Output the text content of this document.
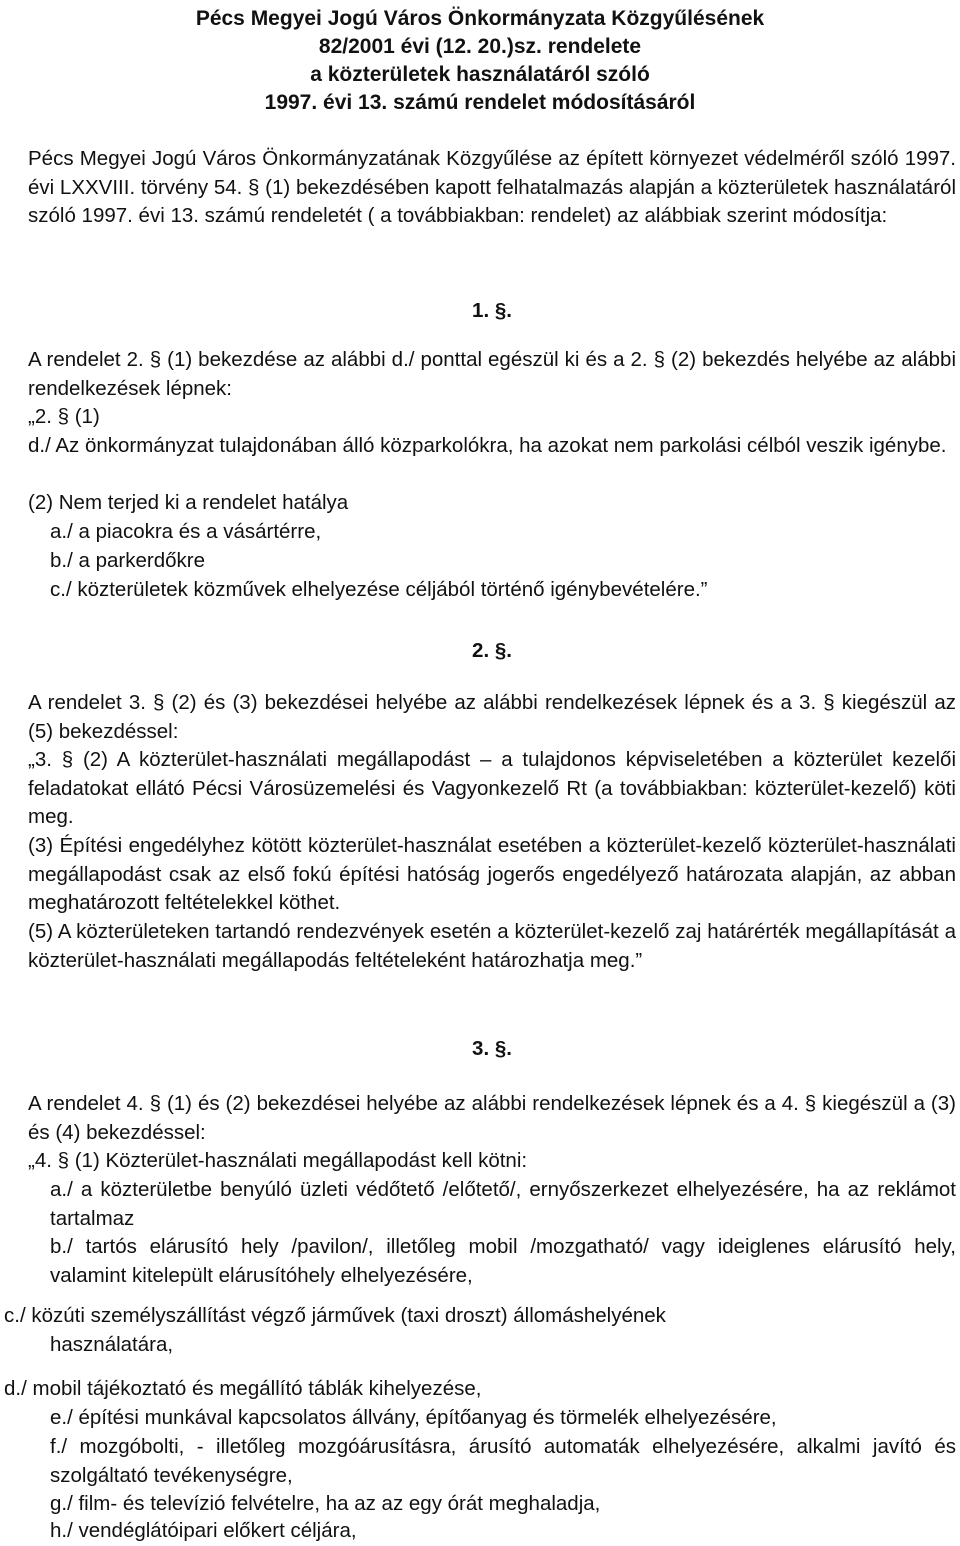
Pécs Megyei Jogú Város Önkormányzata Közgyűlésének
82/2001 évi (12. 20.)sz. rendelete
a közterületek használatáról szóló
1997. évi 13. számú rendelet módosításáról
Pécs Megyei Jogú Város Önkormányzatának Közgyűlése az épített környezet védelméről szóló 1997. évi LXXVIII. törvény 54. § (1) bekezdésében kapott felhatalmazás alapján a közterületek használatáról szóló 1997. évi 13. számú rendeletét ( a továbbiakban: rendelet) az alábbiak szerint módosítja:
1. §.
A rendelet 2. § (1) bekezdése az alábbi d./ ponttal egészül ki és a 2. § (2) bekezdés helyébe az alábbi rendelkezések lépnek:
„2. § (1)
d./ Az önkormányzat tulajdonában álló közparkolókra, ha azokat nem parkolási célból veszik igénybe.
(2) Nem terjed ki a rendelet hatálya
a./ a piacokra és a vásártérre,
b./ a parkerdőkre
c./ közterületek közművek elhelyezése céljából történő igénybevételére.”
2. §.
A rendelet 3. § (2) és (3) bekezdései helyébe az alábbi rendelkezések lépnek és a 3. § kiegészül az (5) bekezdéssel:
„3. § (2) A közterület-használati megállapodást – a tulajdonos képviseletében a közterület kezelői feladatokat ellátó Pécsi Városüzemelési és Vagyonkezelő Rt (a továbbiakban: közterület-kezelő) köti meg.
(3) Építési engedélyhez kötött közterület-használat esetében a közterület-kezelő közterület-használati megállapodást csak az első fokú építési hatóság jogerős engedélyező határozata alapján, az abban meghatározott feltételekkel köthet.
(5) A közterületeken tartandó rendezvények esetén a közterület-kezelő zaj határérték megállapítását a közterület-használati megállapodás feltételeként határozhatja meg.”
3. §.
A rendelet 4. § (1) és (2) bekezdései helyébe az alábbi rendelkezések lépnek és a 4. § kiegészül a (3) és (4) bekezdéssel:
„4. § (1) Közterület-használati megállapodást kell kötni:
a./ a közterületbe benyúló üzleti védőtető /előtető/, ernyőszerkezet elhelyezésére, ha az reklámot tartalmaz
b./ tartós elárusító hely /pavilon/, illetőleg mobil /mozgatható/ vagy ideiglenes elárusító hely, valamint kitelepült elárusítóhely elhelyezésére,
c./ közúti személyszállítást végző járművek (taxi droszt) állomáshelyének
használatára,
d./ mobil tájékoztató és megállító táblák kihelyezése,
e./ építési munkával kapcsolatos állvány, építőanyag és törmelék elhelyezésére,
f./ mozgóbolti, - illetőleg mozgóárusításra, árusító automaták elhelyezésére, alkalmi javító és szolgáltató tevékenységre,
g./ film- és televízió felvételre, ha az az egy órát meghaladja,
h./ vendéglátóipari előkert céljára,
